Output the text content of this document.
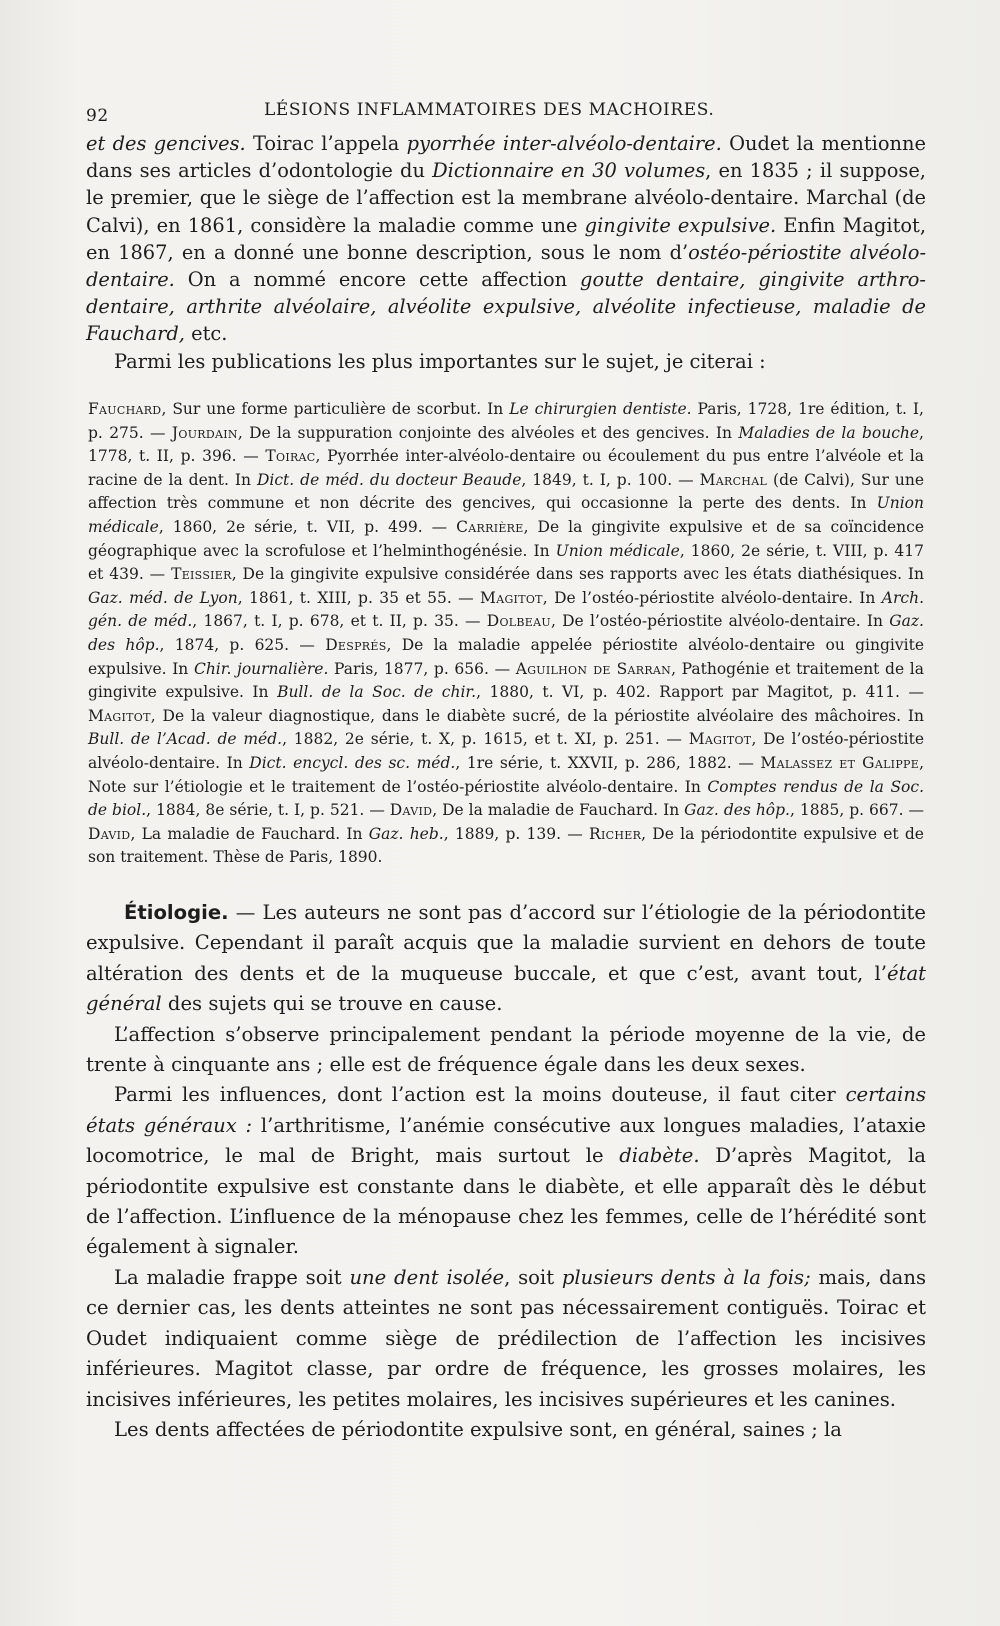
92	LÉSIONS INFLAMMATOIRES DES MACHOIRES.

et des gencives. Toirac l’appela pyorrhée inter-alvéolo-dentaire. Oudet la mentionne dans ses articles d’odontologie du Dictionnaire en 30 volumes, en 1835 ; il suppose, le premier, que le siège de l’affection est la membrane alvéolo-dentaire. Marchal (de Calvi), en 1861, considère la maladie comme une gingivite expulsive. Enfin Magitot, en 1867, en a donné une bonne description, sous le nom d’ostéo-périostite alvéolo-dentaire. On a nommé encore cette affection goutte dentaire, gingivite arthro-dentaire, arthrite alvéolaire, alvéolite expulsive, alvéolite infectieuse, maladie de Fauchard, etc.

Parmi les publications les plus importantes sur le sujet, je citerai :

Fauchard, Sur une forme particulière de scorbut. In Le chirurgien dentiste. Paris, 1728, 1re édition, t. I, p. 275. — Jourdain, De la suppuration conjointe des alvéoles et des gencives. In Maladies de la bouche, 1778, t. II, p. 396. — Toirac, Pyorrhée inter-alvéolo-dentaire ou écoulement du pus entre l’alvéole et la racine de la dent. In Dict. de méd. du docteur Beaude, 1849, t. I, p. 100. — Marchal (de Calvi), Sur une affection très commune et non décrite des gencives, qui occasionne la perte des dents. In Union médicale, 1860, 2e série, t. VII, p. 499. — Carrière, De la gingivite expulsive et de sa coïncidence géographique avec la scrofulose et l’helminthogénésie. In Union médicale, 1860, 2e série, t. VIII, p. 417 et 439. — Teissier, De la gingivite expulsive considérée dans ses rapports avec les états diathésiques. In Gaz. méd. de Lyon, 1861, t. XIII, p. 35 et 55. — Magitot, De l’ostéo-périostite alvéolo-dentaire. In Arch. gén. de méd., 1867, t. I, p. 678, et t. II, p. 35. — Dolbeau, De l’ostéo-périostite alvéolo-dentaire. In Gaz. des hôp., 1874, p. 625. — Després, De la maladie appelée périostite alvéolo-dentaire ou gingivite expulsive. In Chir. journalière. Paris, 1877, p. 656. — Aguilhon de Sarran, Pathogénie et traitement de la gingivite expulsive. In Bull. de la Soc. de chir., 1880, t. VI, p. 402. Rapport par Magitot, p. 411. — Magitot, De la valeur diagnostique, dans le diabète sucré, de la périostite alvéolaire des mâchoires. In Bull. de l’Acad. de méd., 1882, 2e série, t. X, p. 1615, et t. XI, p. 251. — Magitot, De l’ostéo-périostite alvéolo-dentaire. In Dict. encycl. des sc. méd., 1re série, t. XXVII, p. 286, 1882. — Malassez et Galippe, Note sur l’étiologie et le traitement de l’ostéo-périostite alvéolo-dentaire. In Comptes rendus de la Soc. de biol., 1884, 8e série, t. I, p. 521. — David, De la maladie de Fauchard. In Gaz. des hôp., 1885, p. 667. — David, La maladie de Fauchard. In Gaz. heb., 1889, p. 139. — Richer, De la périodontite expulsive et de son traitement. Thèse de Paris, 1890.

Étiologie. — Les auteurs ne sont pas d’accord sur l’étiologie de la périodontite expulsive. Cependant il paraît acquis que la maladie survient en dehors de toute altération des dents et de la muqueuse buccale, et que c’est, avant tout, l’état général des sujets qui se trouve en cause.

L’affection s’observe principalement pendant la période moyenne de la vie, de trente à cinquante ans ; elle est de fréquence égale dans les deux sexes.

Parmi les influences, dont l’action est la moins douteuse, il faut citer certains états généraux : l’arthritisme, l’anémie consécutive aux longues maladies, l’ataxie locomotrice, le mal de Bright, mais surtout le diabète. D’après Magitot, la périodontite expulsive est constante dans le diabète, et elle apparaît dès le début de l’affection. L’influence de la ménopause chez les femmes, celle de l’hérédité sont également à signaler.

La maladie frappe soit une dent isolée, soit plusieurs dents à la fois; mais, dans ce dernier cas, les dents atteintes ne sont pas nécessairement contiguës. Toirac et Oudet indiquaient comme siège de prédilection de l’affection les incisives inférieures. Magitot classe, par ordre de fréquence, les grosses molaires, les incisives inférieures, les petites molaires, les incisives supérieures et les canines.

Les dents affectées de périodontite expulsive sont, en général, saines ; la
